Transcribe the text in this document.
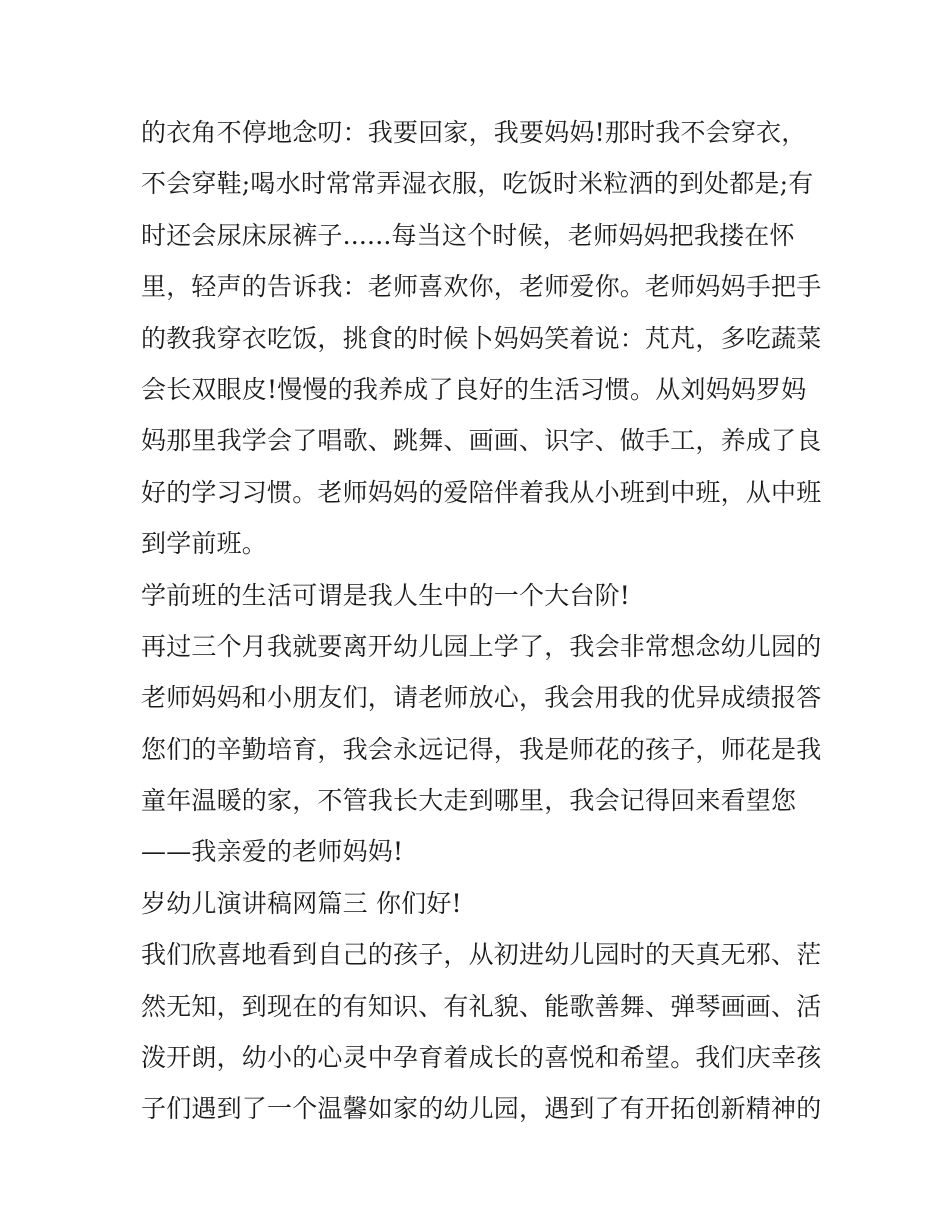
的衣角不停地念叨：我要回家，我要妈妈!那时我不会穿衣，
不会穿鞋;喝水时常常弄湿衣服，吃饭时米粒洒的到处都是;有
时还会尿床尿裤子......每当这个时候，老师妈妈把我搂在怀
里，轻声的告诉我：老师喜欢你，老师爱你。老师妈妈手把手
的教我穿衣吃饭，挑食的时候卜妈妈笑着说：芃芃，多吃蔬菜
会长双眼皮!慢慢的我养成了良好的生活习惯。从刘妈妈罗妈
妈那里我学会了唱歌、跳舞、画画、识字、做手工，养成了良
好的学习习惯。老师妈妈的爱陪伴着我从小班到中班，从中班
到学前班。
学前班的生活可谓是我人生中的一个大台阶!
再过三个月我就要离开幼儿园上学了，我会非常想念幼儿园的
老师妈妈和小朋友们，请老师放心，我会用我的优异成绩报答
您们的辛勤培育，我会永远记得，我是师花的孩子，师花是我
童年温暖的家，不管我长大走到哪里，我会记得回来看望您
——我亲爱的老师妈妈!
岁幼儿演讲稿网篇三 你们好!
我们欣喜地看到自己的孩子，从初进幼儿园时的天真无邪、茫
然无知，到现在的有知识、有礼貌、能歌善舞、弹琴画画、活
泼开朗，幼小的心灵中孕育着成长的喜悦和希望。我们庆幸孩
子们遇到了一个温馨如家的幼儿园，遇到了有开拓创新精神的
